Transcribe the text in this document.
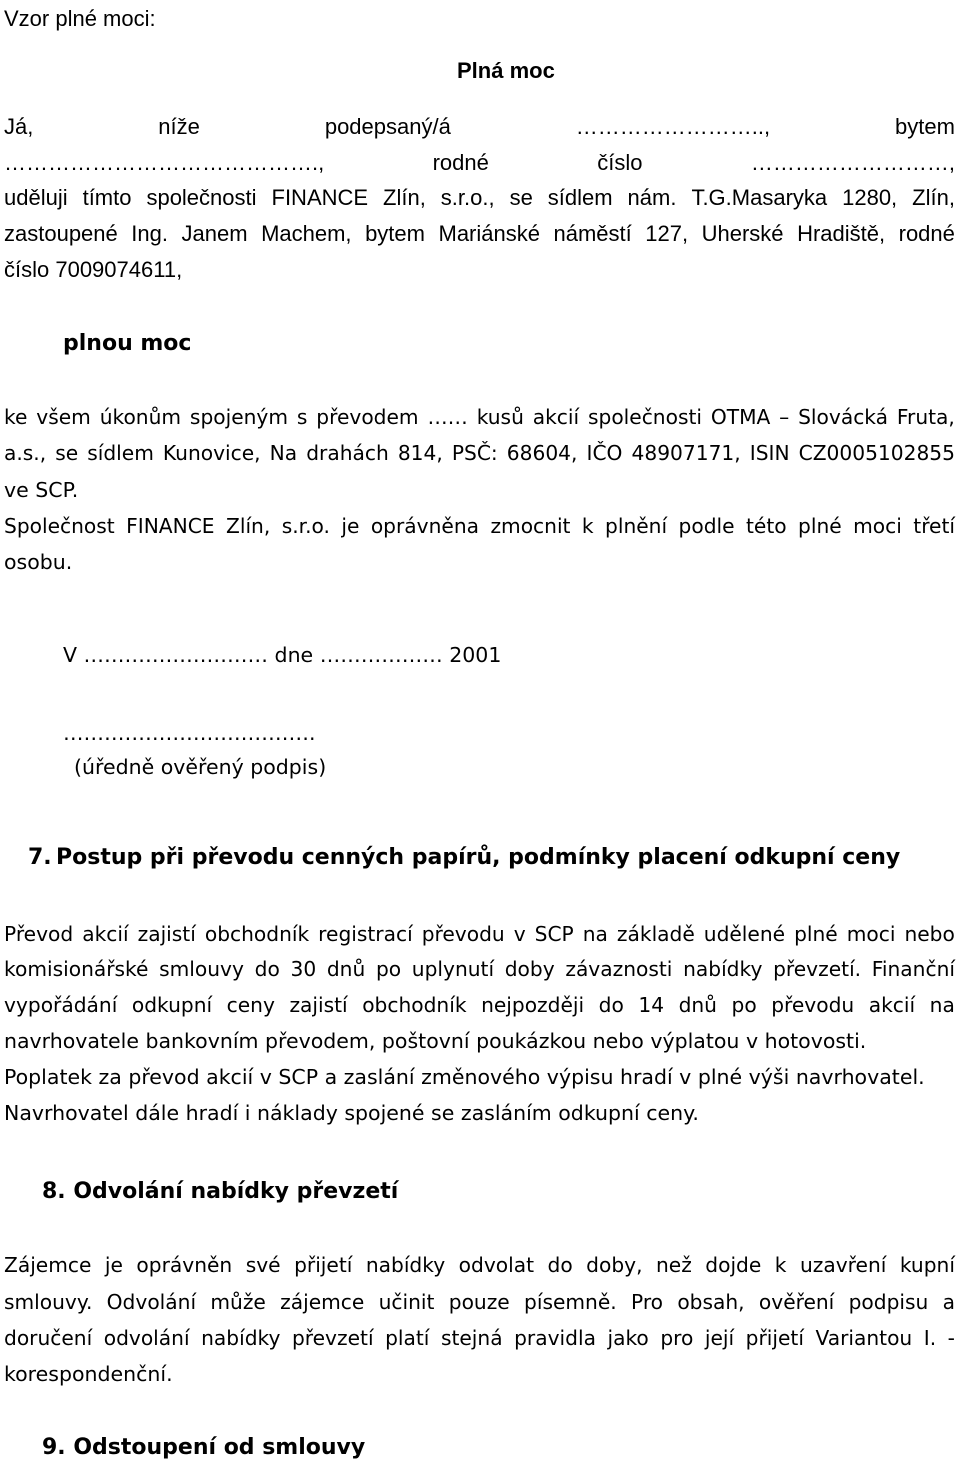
Vzor plné moci:

Plná moc

Já,	níže	podepsaný/á	……………………..,	bytem

…………………………………….,	rodné	číslo	………………………,

uděluji tímto společnosti FINANCE Zlín, s.r.o., se sídlem nám. T.G.Masaryka 1280, Zlín,

zastoupené Ing. Janem Machem, bytem Mariánské náměstí 127, Uherské Hradiště, rodné

číslo 7009074611,

plnou moc

ke všem úkonům spojeným s převodem …… kusů akcií společnosti OTMA – Slovácká Fruta,

a.s., se sídlem Kunovice, Na drahách 814, PSČ: 68604, IČO 48907171, ISIN CZ0005102855

ve SCP.

Společnost FINANCE Zlín, s.r.o. je oprávněna zmocnit k plnění podle této plné moci třetí

osobu.

V ……………………… dne ……………… 2001

……………………………….

(úředně ověřený podpis)

7. Postup při převodu cenných papírů, podmínky placení odkupní ceny

Převod akcií zajistí obchodník registrací převodu v SCP na základě udělené plné moci nebo

komisionářské smlouvy do 30 dnů po uplynutí doby závaznosti nabídky převzetí. Finanční

vypořádání odkupní ceny zajistí obchodník nejpozději do 14 dnů po převodu akcií na

navrhovatele bankovním převodem, poštovní poukázkou nebo výplatou v hotovosti.

Poplatek za převod akcií v SCP a zaslání změnového výpisu hradí v plné výši navrhovatel.

Navrhovatel dále hradí i náklady spojené se zasláním odkupní ceny.

8. Odvolání nabídky převzetí

Zájemce je oprávněn své přijetí nabídky odvolat do doby, než dojde k uzavření kupní

smlouvy. Odvolání může zájemce učinit pouze písemně. Pro obsah, ověření podpisu a

doručení odvolání nabídky převzetí platí stejná pravidla jako pro její přijetí Variantou I. -

korespondenční.

9. Odstoupení od smlouvy
